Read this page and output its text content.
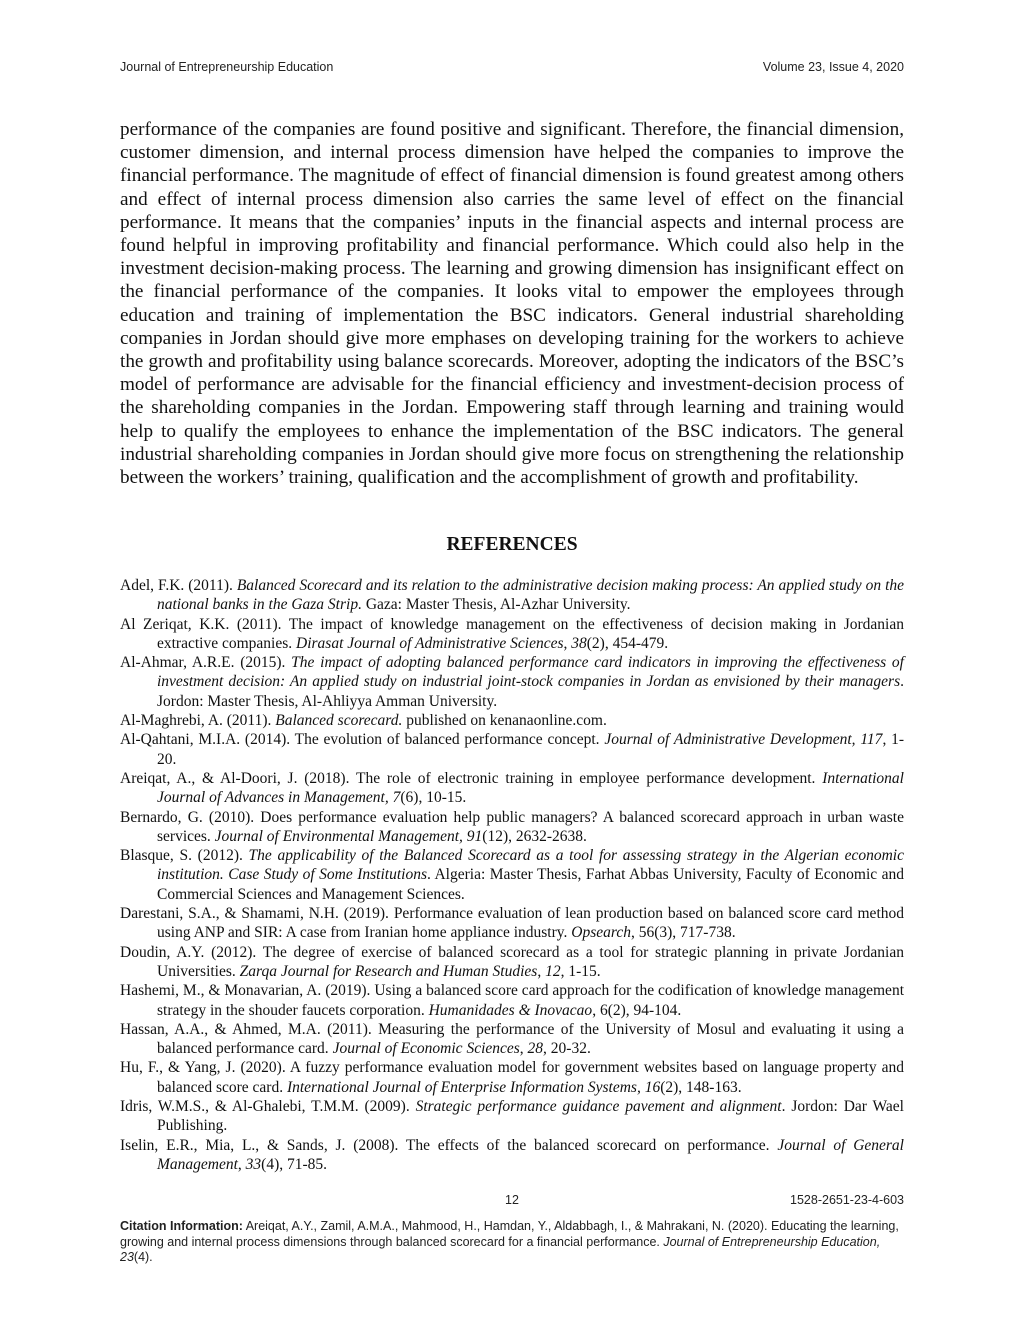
Journal of Entrepreneurship Education	Volume 23, Issue 4, 2020

performance of the companies are found positive and significant. Therefore, the financial dimension, customer dimension, and internal process dimension have helped the companies to improve the financial performance. The magnitude of effect of financial dimension is found greatest among others and effect of internal process dimension also carries the same level of effect on the financial performance. It means that the companies’ inputs in the financial aspects and internal process are found helpful in improving profitability and financial performance. Which could also help in the investment decision-making process. The learning and growing dimension has insignificant effect on the financial performance of the companies. It looks vital to empower the employees through education and training of implementation the BSC indicators. General industrial shareholding companies in Jordan should give more emphases on developing training for the workers to achieve the growth and profitability using balance scorecards. Moreover, adopting the indicators of the BSC’s model of performance are advisable for the financial efficiency and investment-decision process of the shareholding companies in the Jordan. Empowering staff through learning and training would help to qualify the employees to enhance the implementation of the BSC indicators. The general industrial shareholding companies in Jordan should give more focus on strengthening the relationship between the workers’ training, qualification and the accomplishment of growth and profitability.

REFERENCES

Adel, F.K. (2011). Balanced Scorecard and its relation to the administrative decision making process: An applied study on the national banks in the Gaza Strip. Gaza: Master Thesis, Al-Azhar University.

Al Zeriqat, K.K. (2011). The impact of knowledge management on the effectiveness of decision making in Jordanian extractive companies. Dirasat Journal of Administrative Sciences, 38(2), 454-479.

Al-Ahmar, A.R.E. (2015). The impact of adopting balanced performance card indicators in improving the effectiveness of investment decision: An applied study on industrial joint-stock companies in Jordan as envisioned by their managers. Jordon: Master Thesis, Al-Ahliyya Amman University.

Al-Maghrebi, A. (2011). Balanced scorecard. published on kenanaonline.com.

Al-Qahtani, M.I.A. (2014). The evolution of balanced performance concept. Journal of Administrative Development, 117, 1-20.

Areiqat, A., & Al-Doori, J. (2018). The role of electronic training in employee performance development. International Journal of Advances in Management, 7(6), 10-15.

Bernardo, G. (2010). Does performance evaluation help public managers? A balanced scorecard approach in urban waste services. Journal of Environmental Management, 91(12), 2632-2638.

Blasque, S. (2012). The applicability of the Balanced Scorecard as a tool for assessing strategy in the Algerian economic institution. Case Study of Some Institutions. Algeria: Master Thesis, Farhat Abbas University, Faculty of Economic and Commercial Sciences and Management Sciences.

Darestani, S.A., & Shamami, N.H. (2019). Performance evaluation of lean production based on balanced score card method using ANP and SIR: A case from Iranian home appliance industry. Opsearch, 56(3), 717-738.

Doudin, A.Y. (2012). The degree of exercise of balanced scorecard as a tool for strategic planning in private Jordanian Universities. Zarqa Journal for Research and Human Studies, 12, 1-15.

Hashemi, M., & Monavarian, A. (2019). Using a balanced score card approach for the codification of knowledge management strategy in the shouder faucets corporation. Humanidades & Inovacao, 6(2), 94-104.

Hassan, A.A., & Ahmed, M.A. (2011). Measuring the performance of the University of Mosul and evaluating it using a balanced performance card. Journal of Economic Sciences, 28, 20-32.

Hu, F., & Yang, J. (2020). A fuzzy performance evaluation model for government websites based on language property and balanced score card. International Journal of Enterprise Information Systems, 16(2), 148-163.

Idris, W.M.S., & Al-Ghalebi, T.M.M. (2009). Strategic performance guidance pavement and alignment. Jordon: Dar Wael Publishing.

Iselin, E.R., Mia, L., & Sands, J. (2008). The effects of the balanced scorecard on performance. Journal of General Management, 33(4), 71-85.

12	1528-2651-23-4-603
Citation Information: Areiqat, A.Y., Zamil, A.M.A., Mahmood, H., Hamdan, Y., Aldabbagh, I., & Mahrakani, N. (2020). Educating the learning, growing and internal process dimensions through balanced scorecard for a financial performance. Journal of Entrepreneurship Education, 23(4).
